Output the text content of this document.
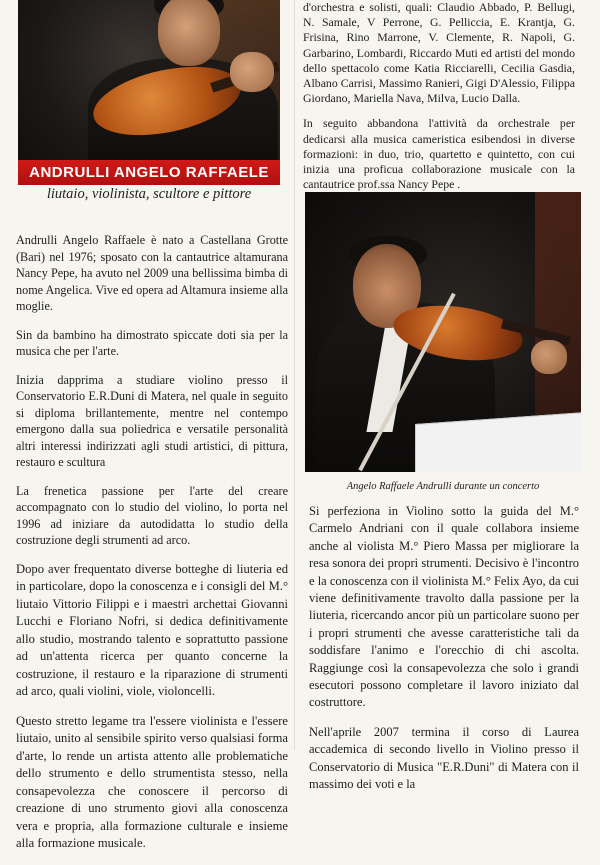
ANDRULLI ANGELO RAFFAELE
liutaio, violinista, scultore e pittore

Andrulli Angelo Raffaele è nato a Castellana Grotte (Bari) nel 1976; sposato con la cantautrice altamurana Nancy Pepe, ha avuto nel 2009 una bellissima bimba di nome Angelica. Vive ed opera ad Altamura insieme alla moglie.

Sin da bambino ha dimostrato spiccate doti sia per la musica che per l'arte.

Inizia dapprima a studiare violino presso il Conservatorio E.R.Duni di Matera, nel quale in seguito si diploma brillantemente, mentre nel contempo emergono dalla sua poliedrica e versatile personalità altri interessi indirizzati agli studi artistici, di pittura, restauro e scultura

La frenetica passione per l'arte del creare accompagnato con lo studio del violino, lo porta nel 1996 ad iniziare da autodidatta lo studio della costruzione degli strumenti ad arco.

Dopo aver frequentato diverse botteghe di liuteria ed in particolare, dopo la conoscenza e i consigli del M.° liutaio Vittorio Filippi e i maestri archettai Giovanni Lucchi e Floriano Nofri, si dedica definitivamente allo studio, mostrando talento e soprattutto passione ad un'attenta ricerca per quanto concerne la costruzione, il restauro e la riparazione di strumenti ad arco, quali violini, viole, violoncelli.

Questo stretto legame tra l'essere violinista e l'essere liutaio, unito al sensibile spirito verso qualsiasi forma d'arte, lo rende un artista attento alle problematiche dello strumento e dello strumentista stesso, nella consapevolezza che conoscere il percorso di creazione di uno strumento giovi alla conoscenza vera e propria, alla formazione culturale e insieme alla formazione musicale.

d'orchestra e solisti, quali: Claudio Abbado, P. Bellugi, N. Samale, V Perrone, G. Pelliccia, E. Krantja, G. Frisina, Rino Marrone, V. Clemente, R. Napoli, G. Garbarino, Lombardi, Riccardo Muti ed artisti del mondo dello spettacolo come Katia Ricciarelli, Cecilia Gasdia, Albano Carrisi, Massimo Ranieri, Gigi D'Alessio, Filippa Giordano, Mariella Nava, Milva, Lucio Dalla.

In seguito abbandona l'attività da orchestrale per dedicarsi alla musica cameristica esibendosi in diverse formazioni: in duo, trio, quartetto e quintetto, con cui inizia una proficua collaborazione musicale con la cantautrice prof.ssa Nancy Pepe .

Angelo Raffaele Andrulli durante un concerto

Si perfeziona in Violino sotto la guida del M.° Carmelo Andriani con il quale collabora insieme anche al violista M.° Piero Massa per migliorare la resa sonora dei propri strumenti. Decisivo è l'incontro e la conoscenza con il violinista M.° Felix Ayo, da cui viene definitivamente travolto dalla passione per la liuteria, ricercando ancor più un particolare suono per i propri strumenti che avesse caratteristiche tali da soddisfare l'animo e l'orecchio di chi ascolta. Raggiunge così la consapevolezza che solo i grandi esecutori possono completare il lavoro iniziato dal costruttore.

Nell'aprile 2007 termina il corso di Laurea accademica di secondo livello in Violino presso il Conservatorio di Musica "E.R.Duni" di Matera con il massimo dei voti e la
